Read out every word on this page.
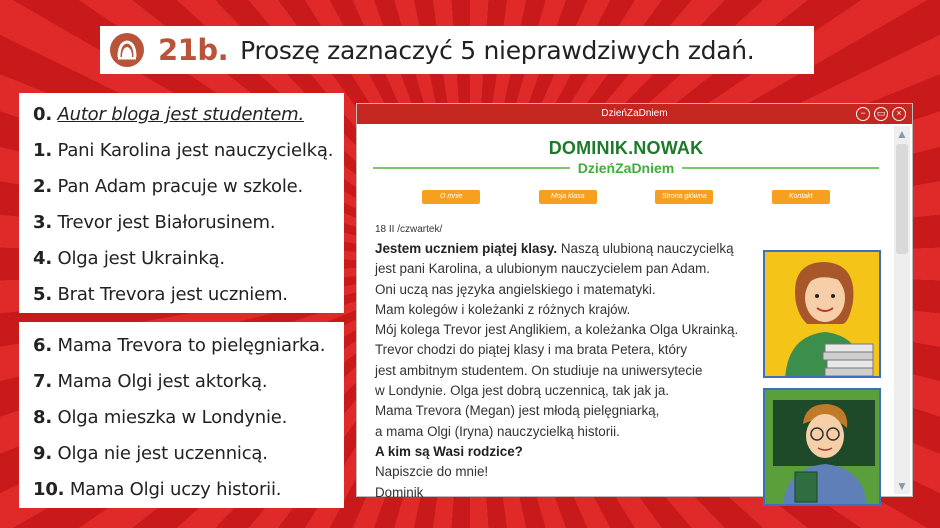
21b. Proszę zaznaczyć 5 nieprawdziwych zdań.
0. Autor bloga jest studentem.
1. Pani Karolina jest nauczycielką.
2. Pan Adam pracuje w szkole.
3. Trevor jest Białorusinem.
4. Olga jest Ukrainką.
5. Brat Trevora jest uczniem.
6. Mama Trevora to pielęgniarka.
7. Mama Olgi jest aktorką.
8. Olga mieszka w Londynie.
9. Olga nie jest uczennicą.
10. Mama Olgi uczy historii.
DzieńZaDniem	−	▭	×
DOMINIK.NOWAK
DzieńZaDniem
O mnie	Moja klasa	Strona główna	Kontakt
18 II /czwartek/

Jestem uczniem piątej klasy. Naszą ulubioną nauczycielką

jest pani Karolina, a ulubionym nauczycielem pan Adam.

Oni uczą nas języka angielskiego i matematyki.

Mam kolegów i koleżanki z różnych krajów.

Mój kolega Trevor jest Anglikiem, a koleżanka Olga Ukrainką.

Trevor chodzi do piątej klasy i ma brata Petera, który

jest ambitnym studentem. On studiuje na uniwersytecie

w Londynie. Olga jest dobrą uczennicą, tak jak ja.

Mama Trevora (Megan) jest młodą pielęgniarką,

a mama Olgi (Iryna) nauczycielką historii.

A kim są Wasi rodzice?

Napiszcie do mnie!

Dominik

▲
▼
